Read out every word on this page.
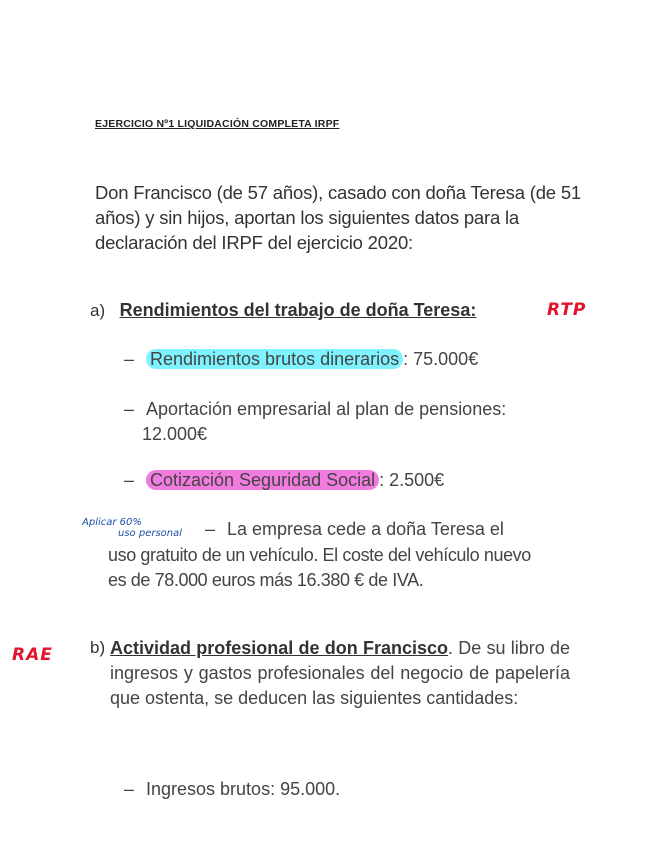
EJERCICIO Nº1 LIQUIDACIÓN COMPLETA IRPF
Don Francisco (de 57 años), casado con doña Teresa (de 51 años) y sin hijos, aportan los siguientes datos para la declaración del IRPF del ejercicio 2020:
a) Rendimientos del trabajo de doña Teresa:	RTP
– Rendimientos brutos dinerarios : 75.000€
– Aportación empresarial al plan de pensiones:
12.000€
– Cotización Seguridad Social : 2.500€
Aplicar 60%
uso personal – La empresa cede a doña Teresa el
uso gratuito de un vehículo. El coste del vehículo nuevo es de 78.000 euros más 16.380 € de IVA.
RAE b) Actividad profesional de don Francisco. De su libro de ingresos y gastos profesionales del negocio de papelería que ostenta, se deducen las siguientes cantidades:
– Ingresos brutos: 95.000.
